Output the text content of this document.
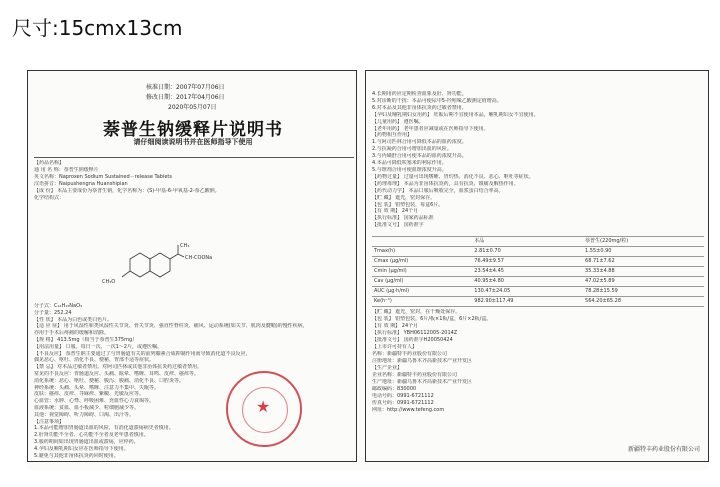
尺寸:15cmx13cm
核准日期：2007年07月06日
修改日期：2017年04月06日
2020年05月07日
萘普生钠缓释片说明书
请仔细阅读说明书并在医师指导下使用
【药品名称】
通 用 名 称：萘普生钠缓释片
英文名称：Naproxen Sodium Sustained－release Tablets
汉语拼音：Naipushengna Huanshipian
【成 份】 本品主要成份为萘普生钠，化学名称为：(S)-甲基-6-甲氧基-2-萘乙酸钠。
化学结构式：
CH₃
CH-COONa
CH₃O
分子式：C₁₄H₁₃NaO₃
分子量：252.24
【性 状】 本品为白色或类白色片。
【适 应 症】 用于风湿性和类风湿性关节炎、骨关节炎、强直性脊柱炎、痛风、运动系统(如关节、肌肉及腱鞘)的慢性疾病，
亦用于手术后疼痛的缓解和消除。
【规 格】 413.5mg（相当于萘普生375mg）
【用法用量】 口服。每日一次，一次1～2片，或遵医嘱。
【不良反应】 萘普生钠主要通过了与胃肠道有关的前列腺素合成抑制作用而导致消化道不良反应，
偶见恶心、呕吐、消化不良、便秘、胃部不适等症状。
【禁 忌】 对本品过敏者禁用。对阿司匹林或其他非甾体抗炎药过敏者禁用。
常见的不良反应：胃肠道反应、头痛、眩晕、嗜睡、耳鸣、皮疹、瘙痒等。
消化系统：恶心、呕吐、便秘、腹泻、腹痛、消化不良、口腔炎等。
神经系统：头痛、头晕、嗜睡、注意力不集中、失眠等。
皮肤：瘙痒、皮疹、荨麻疹、紫癜、光敏反应等。
心血管：水肿、心悸、呼吸困难、充血性心力衰竭等。
血液系统：贫血、血小板减少、粒细胞减少等。
其他：视觉障碍、听力障碍、口渴、出汗等。
【注意事项】
1.本品可能增加胃肠道出血的风险，有消化道溃疡病史者慎用。
2.肝肾功能不全者、心功能不全者及老年患者慎用。
3.服药期间如出现胃肠道出血或溃疡，应停药。
4.孕妇及哺乳期妇女应在医师指导下使用。
5.避免与其他非甾体抗炎药同时使用。
★
4.长期用药应定期检查血象及肝、肾功能。
5.对诊断的干扰：本品可使尿中5-羟吲哚乙酸测定值增高。
6.对本品及其他非甾体抗炎药过敏者禁用。
【孕妇及哺乳期妇女用药】 妊娠后期不宜使用本品，哺乳期妇女不宜使用。
【儿童用药】 遵医嘱。
【老年用药】 老年患者应减量或在医师指导下使用。
【药物相互作用】
1.与阿司匹林合用可降低本品的血药浓度。
2.与抗凝药合用可增加出血的风险。
3.与丙磺舒合用可使本品的血药浓度升高。
4.本品可降低呋塞米的利尿作用。
5.与锂剂合用可使血锂浓度升高。
【药物过量】 过量可出现嗜睡、胃灼热、消化不良、恶心、呕吐等症状。
【药理毒理】 本品为非甾体抗炎药，具有抗炎、镇痛及解热作用。
【药代动力学】 本品口服后吸收完全，血浆蛋白结合率高。
【贮 藏】 遮光，密封保存。
【包 装】 铝塑包装，每盒6片。
【有 效 期】 24个月
【执行标准】 国家药品标准
【批准文号】 国药准字
	本品	萘普生(220mg/粒)
Tmax(h)	2.81±0.70	1.55±0.90
Cmax (μg/ml)	76.49±9.57	68.71±7.62
Cmin (μg/ml)	23.54±4.45	35.33±4.88
Cav (μg/ml)	40.95±4.80	47.02±5.89
AUC (μg·h/ml)	130.47±24.05	78.28±15.59
Ke(h⁻¹)	982.90±117.49	564.20±65.28
【贮 藏】 遮光，密封，在干燥处保存。
【包 装】 铝塑包装，6片/板×1板/盒，6片×2板/盒。
【有 效 期】 24个月
【执行标准】 YBH06112005-2014Z
【批准文号】 国药准字H20050424
【上市许可持有人】
名称：新疆特丰药业股份有限公司
注册地址：新疆乌鲁木齐高新技术产业开发区
【生产企业】
企业名称：新疆特丰药业股份有限公司
生产地址：新疆乌鲁木齐高新技术产业开发区
邮政编码：830000
电话号码：0991-6721112
传真号码：0991-6721112
网址：http://www.tefeng.com
新疆特丰药业股份有限公司
